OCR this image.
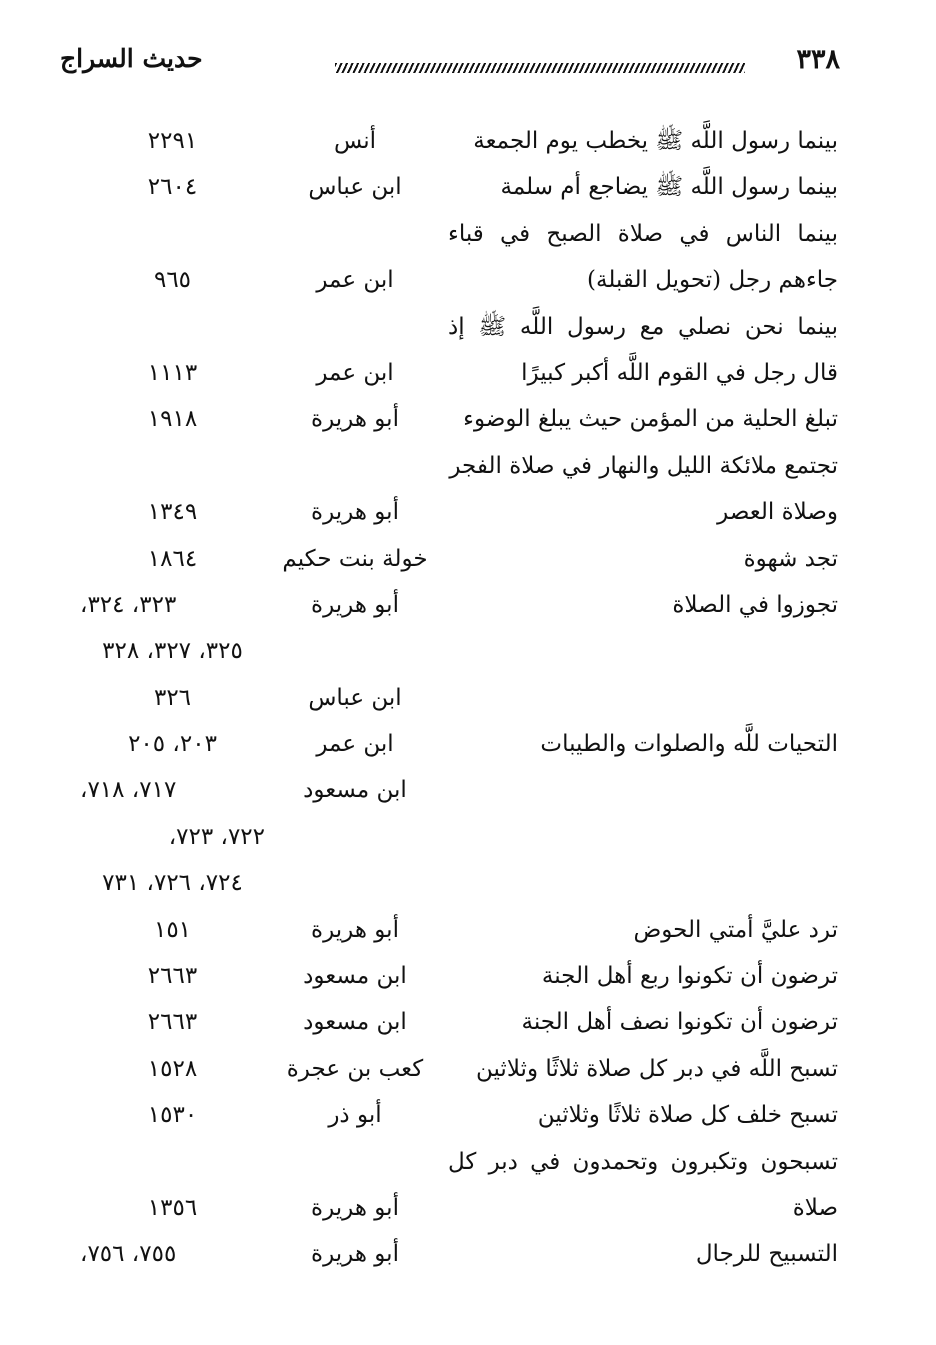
٣٣٨
حديث السراج
بينما رسول اللَّه ﷺ يخطب يوم الجمعة
أنس
٢٢٩١
بينما رسول اللَّه ﷺ يضاجع أم سلمة
ابن عباس
٢٦٠٤
بينما الناس في صلاة الصبح في قباء
جاءهم رجل (تحويل القبلة)
ابن عمر
٩٦٥
بينما نحن نصلي مع رسول اللَّه ﷺ إذ
قال رجل في القوم اللَّه أكبر كبيرًا
ابن عمر
١١١٣
تبلغ الحلية من المؤمن حيث يبلغ الوضوء
أبو هريرة
١٩١٨
تجتمع ملائكة الليل والنهار في صلاة الفجر
وصلاة العصر
أبو هريرة
١٣٤٩
تجد شهوة
خولة بنت حكيم
١٨٦٤
تجوزوا في الصلاة
أبو هريرة
٣٢٣، ٣٢٤،
٣٢٥، ٣٢٧، ٣٢٨
ابن عباس
٣٢٦
التحيات للَّه والصلوات والطيبات
ابن عمر
٢٠٣، ٢٠٥
ابن مسعود
٧١٧، ٧١٨،
٧٢٢، ٧٢٣،
٧٢٤، ٧٢٦، ٧٣١
ترد عليَّ أمتي الحوض
أبو هريرة
١٥١
ترضون أن تكونوا ربع أهل الجنة
ابن مسعود
٢٦٦٣
ترضون أن تكونوا نصف أهل الجنة
ابن مسعود
٢٦٦٣
تسبح اللَّه في دبر كل صلاة ثلاثًا وثلاثين
كعب بن عجرة
١٥٢٨
تسبح خلف كل صلاة ثلاثًا وثلاثين
أبو ذر
١٥٣٠
تسبحون وتكبرون وتحمدون في دبر كل
صلاة
أبو هريرة
١٣٥٦
التسبيح للرجال
أبو هريرة
٧٥٥، ٧٥٦،
